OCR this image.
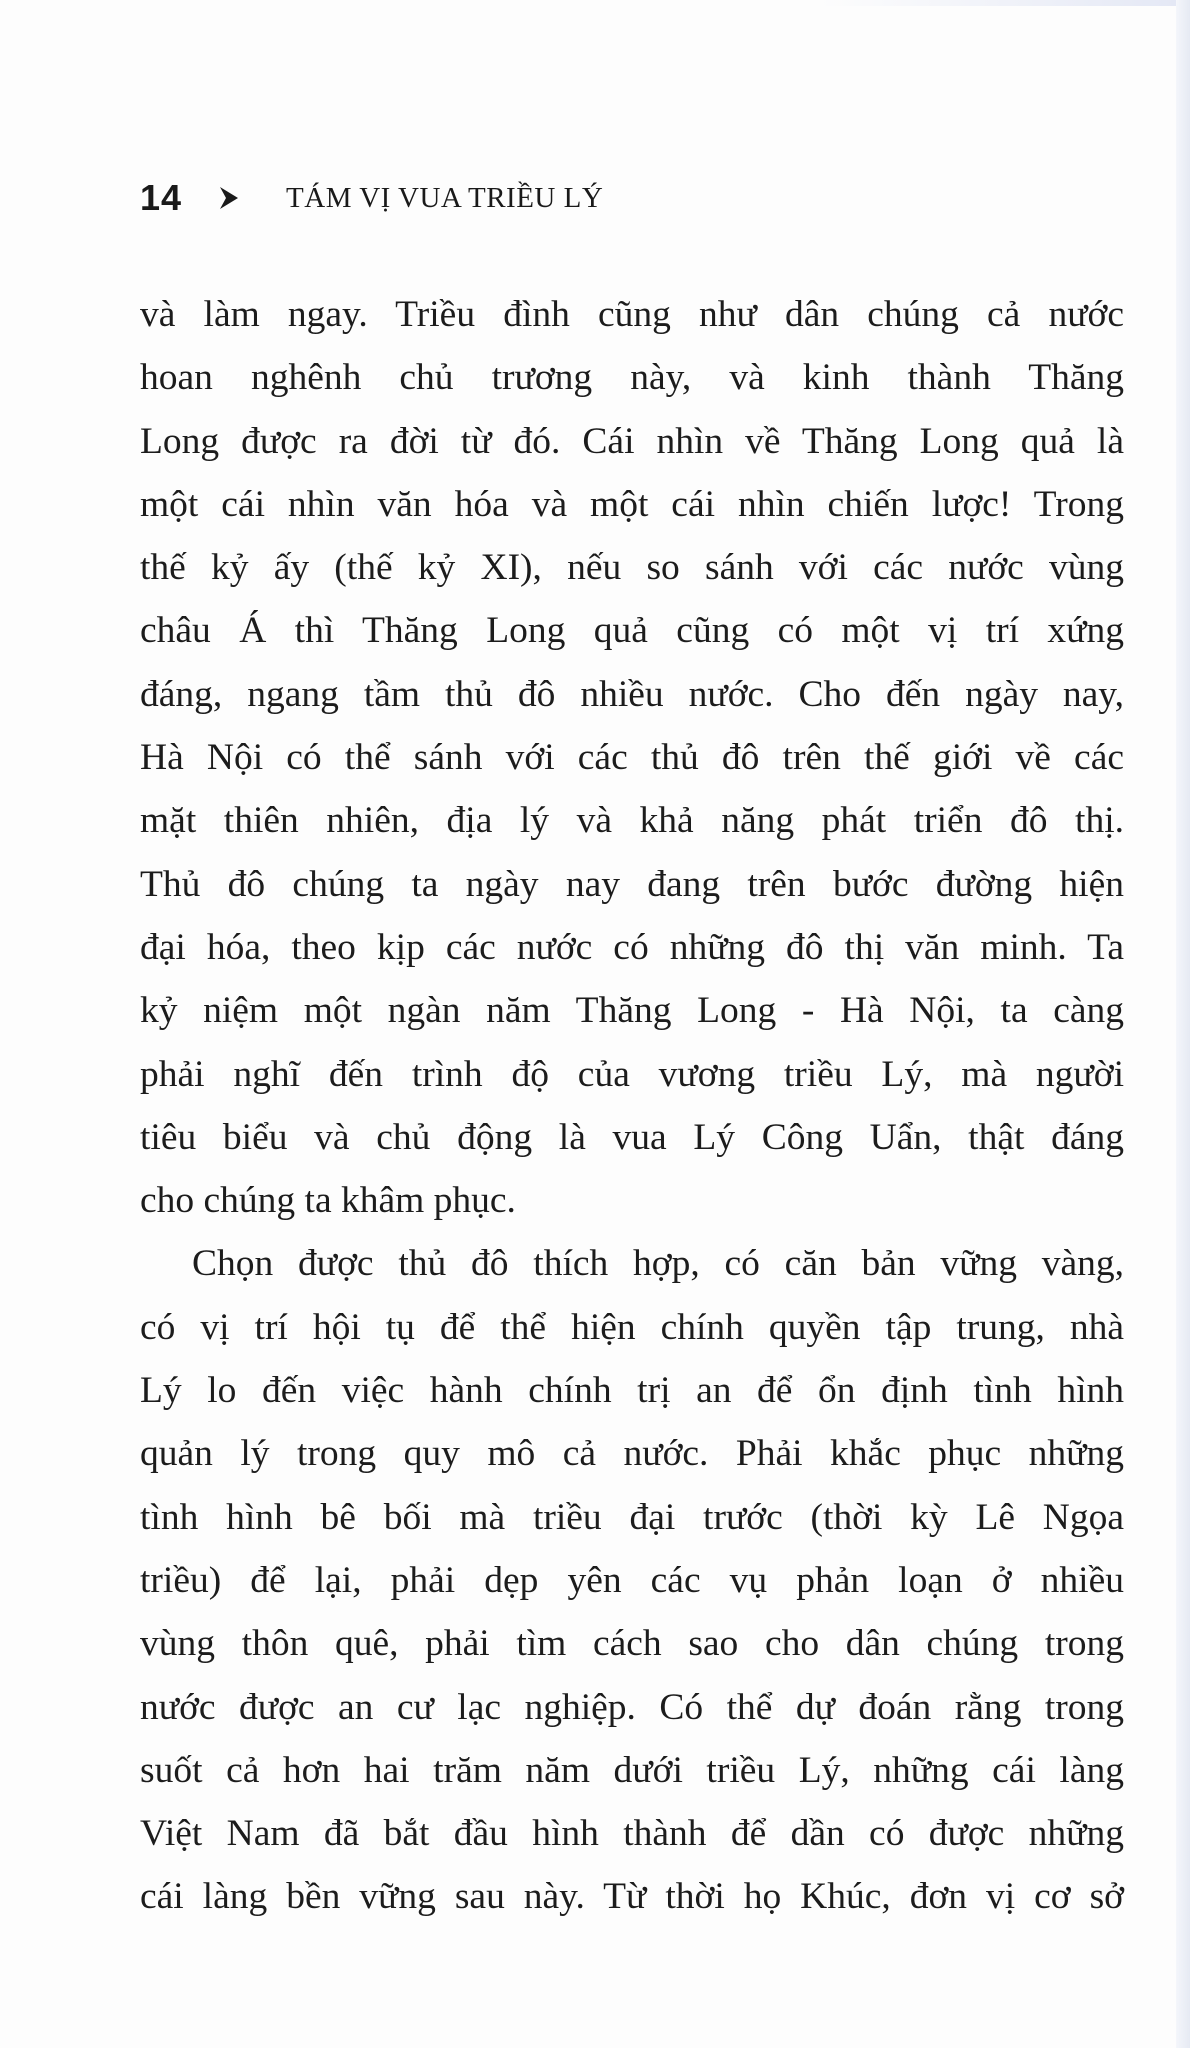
14	TÁM VỊ VUA TRIỀU LÝ
và làm ngay. Triều đình cũng như dân chúng cả nước
hoan nghênh chủ trương này, và kinh thành Thăng
Long được ra đời từ đó. Cái nhìn về Thăng Long quả là
một cái nhìn văn hóa và một cái nhìn chiến lược! Trong
thế kỷ ấy (thế kỷ XI), nếu so sánh với các nước vùng
châu Á thì Thăng Long quả cũng có một vị trí xứng
đáng, ngang tầm thủ đô nhiều nước. Cho đến ngày nay,
Hà Nội có thể sánh với các thủ đô trên thế giới về các
mặt thiên nhiên, địa lý và khả năng phát triển đô thị.
Thủ đô chúng ta ngày nay đang trên bước đường hiện
đại hóa, theo kịp các nước có những đô thị văn minh. Ta
kỷ niệm một ngàn năm Thăng Long - Hà Nội, ta càng
phải nghĩ đến trình độ của vương triều Lý, mà người
tiêu biểu và chủ động là vua Lý Công Uẩn, thật đáng
cho chúng ta khâm phục.
Chọn được thủ đô thích hợp, có căn bản vững vàng,
có vị trí hội tụ để thể hiện chính quyền tập trung, nhà
Lý lo đến việc hành chính trị an để ổn định tình hình
quản lý trong quy mô cả nước. Phải khắc phục những
tình hình bê bối mà triều đại trước (thời kỳ Lê Ngọa
triều) để lại, phải dẹp yên các vụ phản loạn ở nhiều
vùng thôn quê, phải tìm cách sao cho dân chúng trong
nước được an cư lạc nghiệp. Có thể dự đoán rằng trong
suốt cả hơn hai trăm năm dưới triều Lý, những cái làng
Việt Nam đã bắt đầu hình thành để dần có được những
cái làng bền vững sau này. Từ thời họ Khúc, đơn vị cơ sở
